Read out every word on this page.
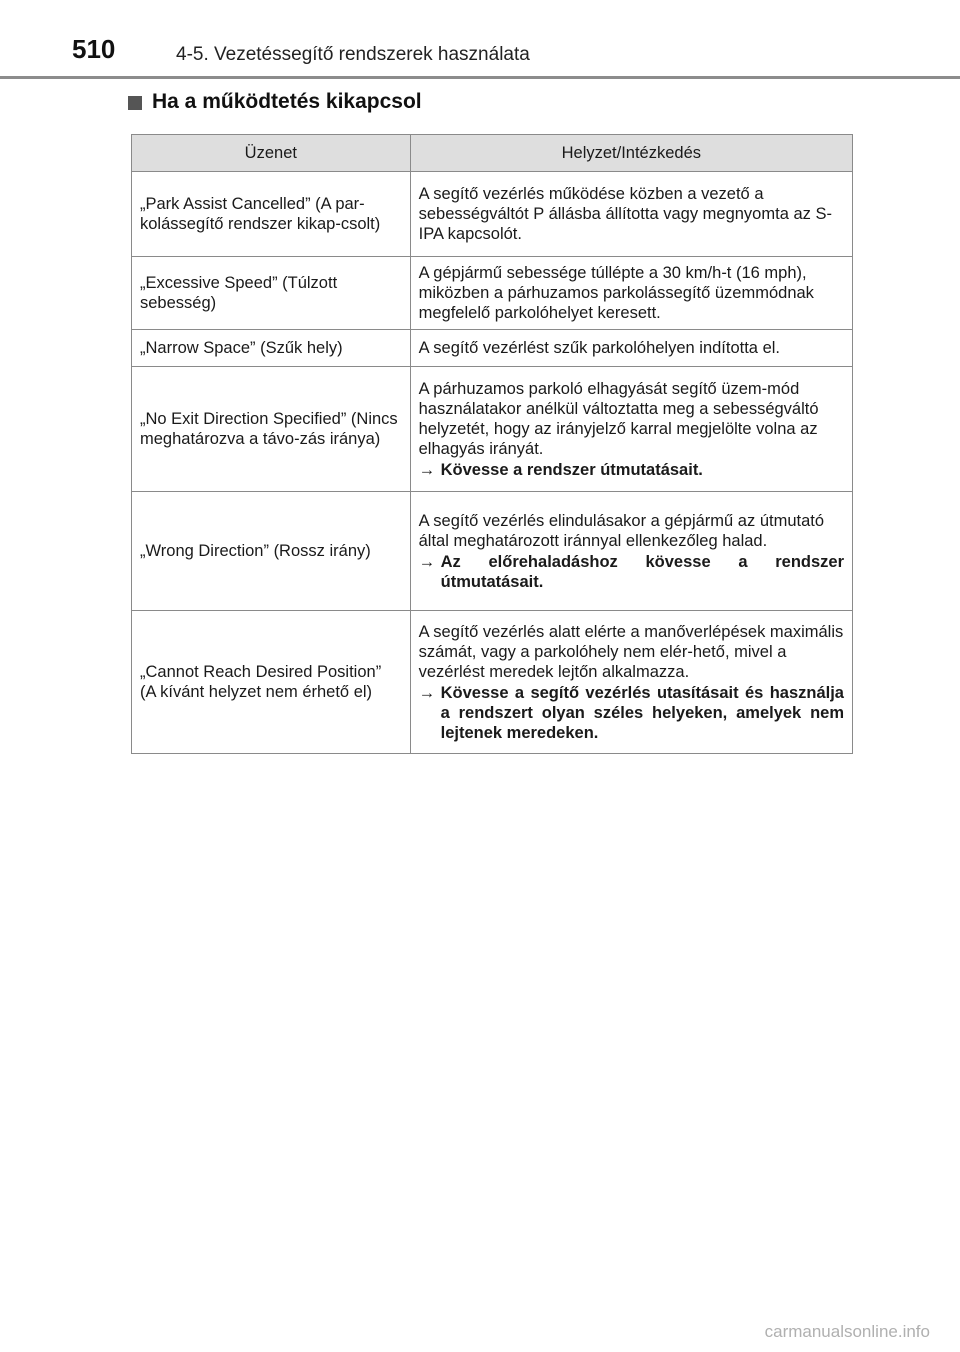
510	4-5. Vezetéssegítő rendszerek használata
Ha a működtetés kikapcsol
Üzenet	Helyzet/Intézkedés
„Park Assist Cancelled” (A par-kolássegítő rendszer kikap-csolt)	A segítő vezérlés működése közben a vezető a sebességváltót P állásba állította vagy megnyomta az S-IPA kapcsolót.

„Excessive Speed” (Túlzott sebesség)	A gépjármű sebessége túllépte a 30 km/h-t (16 mph), miközben a párhuzamos parkolássegítő üzemmódnak megfelelő parkolóhelyet keresett.

„Narrow Space” (Szűk hely)	A segítő vezérlést szűk parkolóhelyen indította el.

„No Exit Direction Specified” (Nincs meghatározva a távo-zás iránya)	A párhuzamos parkoló elhagyását segítő üzem-mód használatakor anélkül változtatta meg a sebességváltó helyzetét, hogy az irányjelző karral megjelölte volna az elhagyás irányát.
→ Kövesse a rendszer útmutatásait.

„Wrong Direction” (Rossz irány)	A segítő vezérlés elindulásakor a gépjármű az útmutató által meghatározott iránnyal ellenkezőleg halad.
→ Az előrehaladáshoz kövesse a rendszer útmutatásait.

„Cannot Reach Desired Position” (A kívánt helyzet nem érhető el)	A segítő vezérlés alatt elérte a manőverlépések maximális számát, vagy a parkolóhely nem elér-hető, mivel a vezérlést meredek lejtőn alkalmazza.
→ Kövesse a segítő vezérlés utasításait és használja a rendszert olyan széles helyeken, amelyek nem lejtenek meredeken.
carmanualsonline.info
